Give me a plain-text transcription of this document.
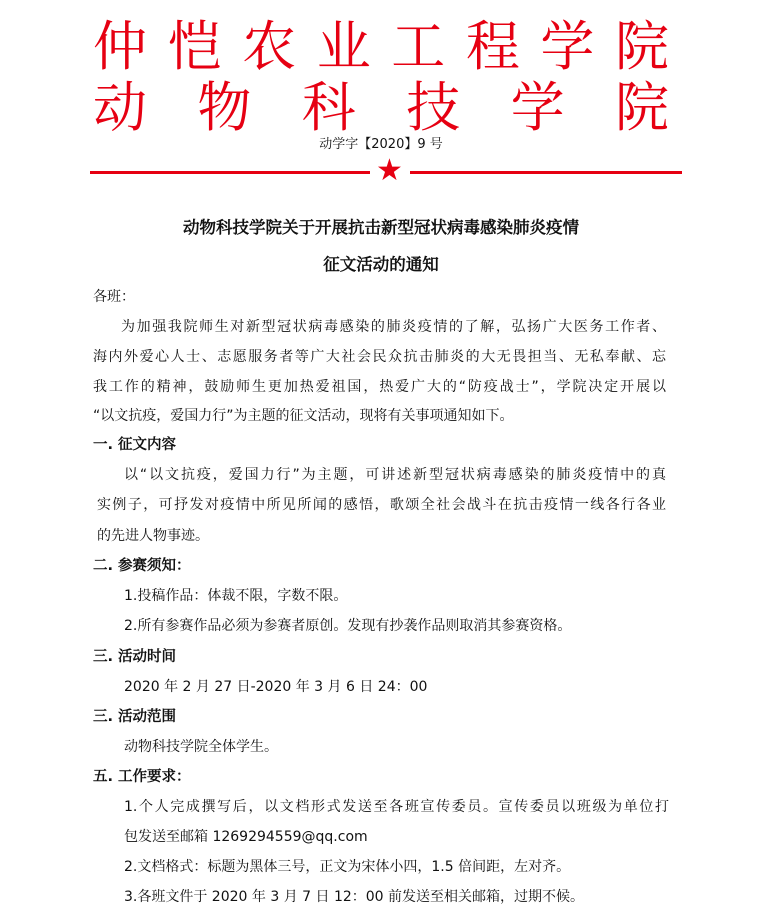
仲恺农业工程学院
动物科技学院
动学字【2020】9 号
★
动物科技学院关于开展抗击新型冠状病毒感染肺炎疫情
征文活动的通知
各班：
为加强我院师生对新型冠状病毒感染的肺炎疫情的了解，弘扬广大医务工作者、
海内外爱心人士、志愿服务者等广大社会民众抗击肺炎的大无畏担当、无私奉献、忘
我工作的精神，鼓励师生更加热爱祖国，热爱广大的“防疫战士”，学院决定开展以
“以文抗疫，爱国力行”为主题的征文活动，现将有关事项通知如下。
一. 征文内容
以“以文抗疫，爱国力行”为主题，可讲述新型冠状病毒感染的肺炎疫情中的真
实例子，可抒发对疫情中所见所闻的感悟，歌颂全社会战斗在抗击疫情一线各行各业
的先进人物事迹。
二. 参赛须知：
1.投稿作品：体裁不限，字数不限。
2.所有参赛作品必须为参赛者原创。发现有抄袭作品则取消其参赛资格。
三. 活动时间
2020 年 2 月 27 日-2020 年 3 月 6 日 24：00
三. 活动范围
动物科技学院全体学生。
五. 工作要求：
1.个人完成撰写后，以文档形式发送至各班宣传委员。宣传委员以班级为单位打
包发送至邮箱 1269294559@qq.com
2.文档格式：标题为黑体三号，正文为宋体小四，1.5 倍间距，左对齐。
3.各班文件于 2020 年 3 月 7 日 12：00 前发送至相关邮箱，过期不候。
